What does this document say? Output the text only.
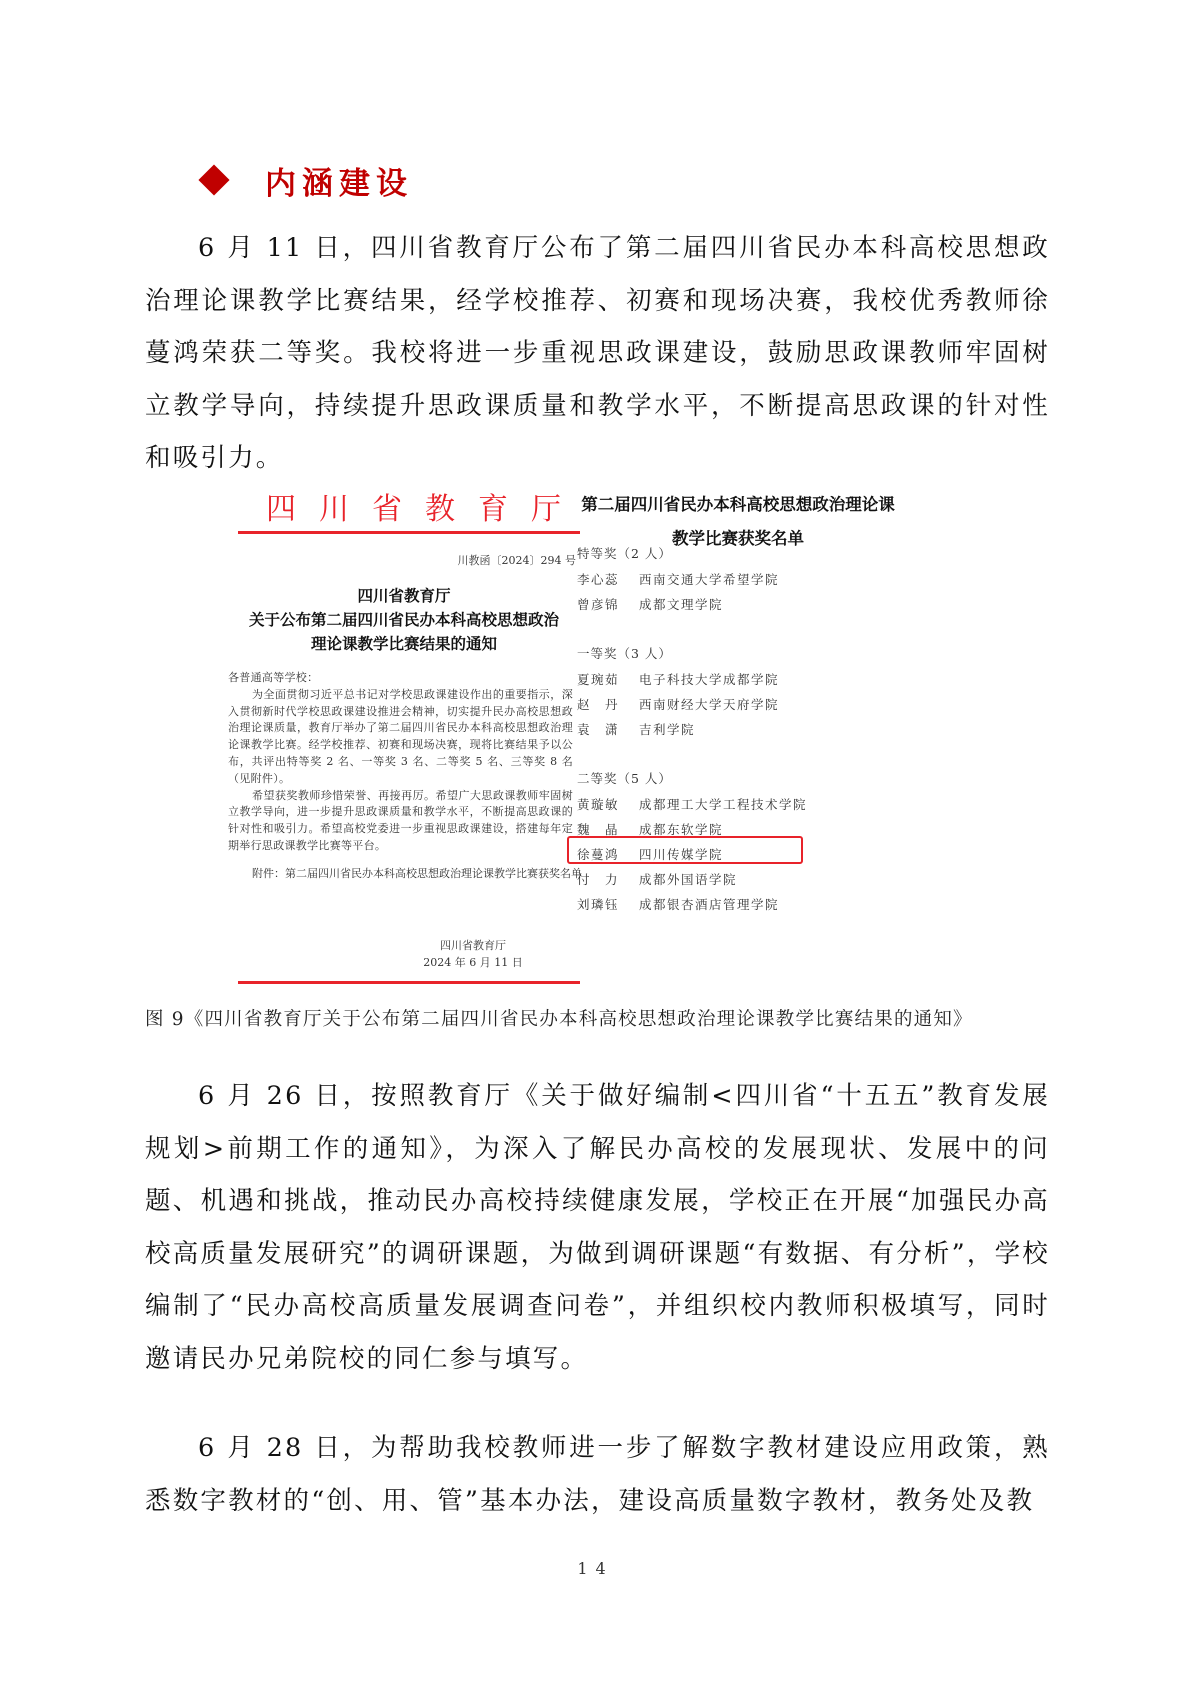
内涵建设

6 月 11 日，四川省教育厅公布了第二届四川省民办本科高校思想政治理论课教学比赛结果，经学校推荐、初赛和现场决赛，我校优秀教师徐蔓鸿荣获二等奖。我校将进一步重视思政课建设，鼓励思政课教师牢固树立教学导向，持续提升思政课质量和教学水平，不断提高思政课的针对性和吸引力。

四川省教育厅
川教函〔2024〕294 号
四川省教育厅
关于公布第二届四川省民办本科高校思想政治
理论课教学比赛结果的通知

各普通高等学校：

为全面贯彻习近平总书记对学校思政课建设作出的重要指示，深入贯彻新时代学校思政课建设推进会精神，切实提升民办高校思想政治理论课质量，教育厅举办了第二届四川省民办本科高校思想政治理论课教学比赛。经学校推荐、初赛和现场决赛，现将比赛结果予以公布，共评出特等奖 2 名、一等奖 3 名、二等奖 5 名、三等奖 8 名（见附件）。

希望获奖教师珍惜荣誉、再接再厉。希望广大思政课教师牢固树立教学导向，进一步提升思政课质量和教学水平，不断提高思政课的针对性和吸引力。希望高校党委进一步重视思政课建设，搭建每年定期举行思政课教学比赛等平台。

附件：第二届四川省民办本科高校思想政治理论课教学比赛获奖名单
四川省教育厅
2024 年 6 月 11 日
第二届四川省民办本科高校思想政治理论课
教学比赛获奖名单
特等奖（2 人）
李心蕊	西南交通大学希望学院
曾彦锦	成都文理学院
一等奖（3 人）
夏琬茹	电子科技大学成都学院
赵　丹	西南财经大学天府学院
袁　潇	吉利学院
二等奖（5 人）
黄璇敏	成都理工大学工程技术学院
魏　晶	成都东软学院
徐蔓鸿	四川传媒学院
付　力	成都外国语学院
刘璘钰	成都银杏酒店管理学院
图 9《四川省教育厅关于公布第二届四川省民办本科高校思想政治理论课教学比赛结果的通知》

6 月 26 日，按照教育厅《关于做好编制<四川省“十五五”教育发展规划>前期工作的通知》，为深入了解民办高校的发展现状、发展中的问题、机遇和挑战，推动民办高校持续健康发展，学校正在开展“加强民办高校高质量发展研究”的调研课题，为做到调研课题“有数据、有分析”，学校编制了“民办高校高质量发展调查问卷”，并组织校内教师积极填写，同时邀请民办兄弟院校的同仁参与填写。

6 月 28 日，为帮助我校教师进一步了解数字教材建设应用政策，熟悉数字教材的“创、用、管”基本办法，建设高质量数字教材，教务处及教

14
